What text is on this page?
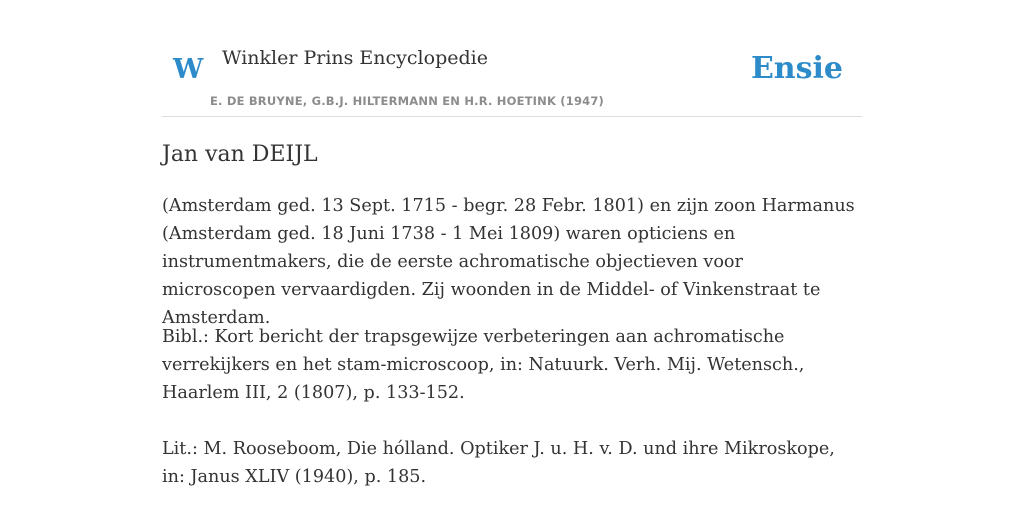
W Winkler Prins Encyclopedie
E. DE BRUYNE, G.B.J. HILTERMANN EN H.R. HOETINK (1947)
Ensie
Jan van DEIJL

(Amsterdam ged. 13 Sept. 1715 - begr. 28 Febr. 1801) en zijn zoon Harmanus (Amsterdam ged. 18 Juni 1738 - 1 Mei 1809) waren opticiens en instrumentmakers, die de eerste achromatische objectieven voor microscopen vervaardigden. Zij woonden in de Middel- of Vinkenstraat te Amsterdam.

Bibl.: Kort bericht der trapsgewijze verbeteringen aan achromatische verrekijkers en het stam-microscoop, in: Natuurk. Verh. Mij. Wetensch., Haarlem III, 2 (1807), p. 133-152.

Lit.: M. Rooseboom, Die hólland. Optiker J. u. H. v. D. und ihre Mikroskope, in: Janus XLIV (1940), p. 185.
